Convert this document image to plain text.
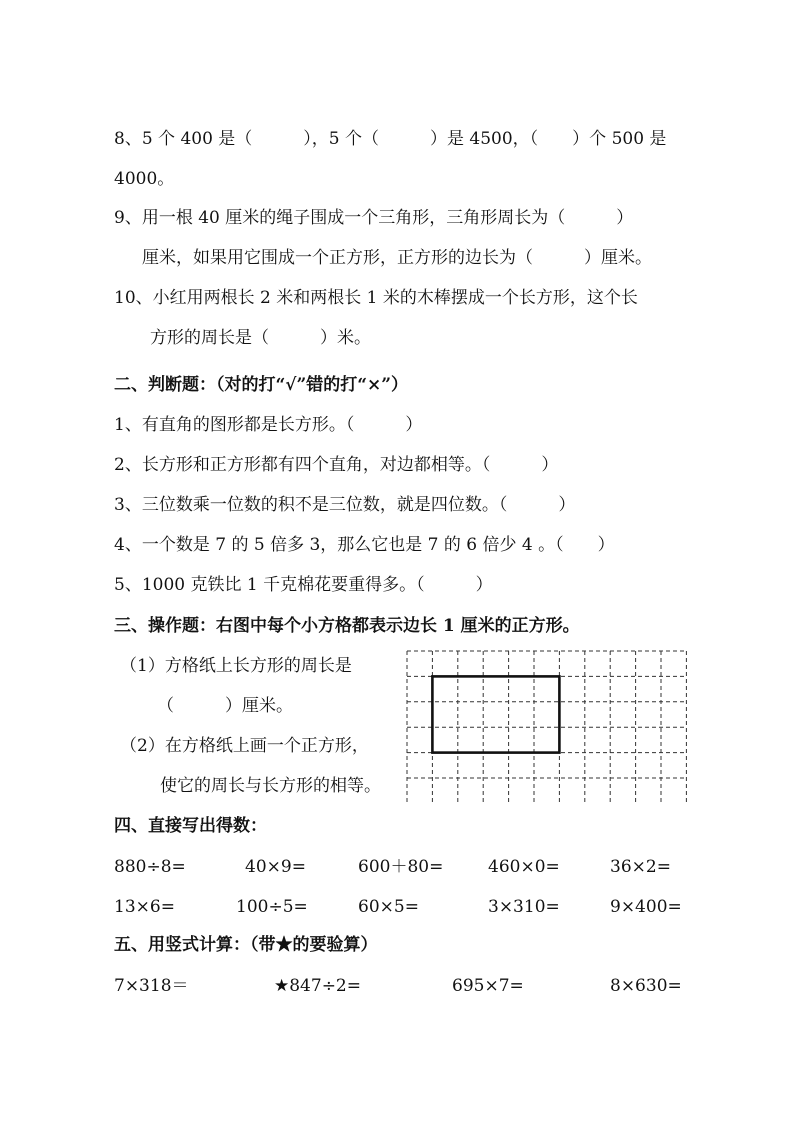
8、5 个 400 是（　　　），5 个（　　　）是 4500，（　　）个 500 是
4000。
9、用一根 40 厘米的绳子围成一个三角形，三角形周长为（　　　）
厘米，如果用它围成一个正方形，正方形的边长为（　　　）厘米。
10、小红用两根长 2 米和两根长 1 米的木棒摆成一个长方形，这个长
方形的周长是（　　　）米。
二、判断题：（对的打“√”错的打“×”）
1、有直角的图形都是长方形。（　　　）
2、长方形和正方形都有四个直角，对边都相等。（　　　）
3、三位数乘一位数的积不是三位数，就是四位数。（　　　）
4、一个数是 7 的 5 倍多 3，那么它也是 7 的 6 倍少 4 。（　　）
5、1000 克铁比 1 千克棉花要重得多。（　　　）
三、操作题：右图中每个小方格都表示边长 1 厘米的正方形。
（1）方格纸上长方形的周长是
（　　　）厘米。
（2）在方格纸上画一个正方形，
使它的周长与长方形的相等。
四、直接写出得数：
880÷8=	40×9=	600＋80=	460×0=	36×2=
13×6=	100÷5=	60×5=	3×310=	9×400=
五、用竖式计算：（带★的要验算）
7×318＝	★847÷2=	695×7=	8×630=
